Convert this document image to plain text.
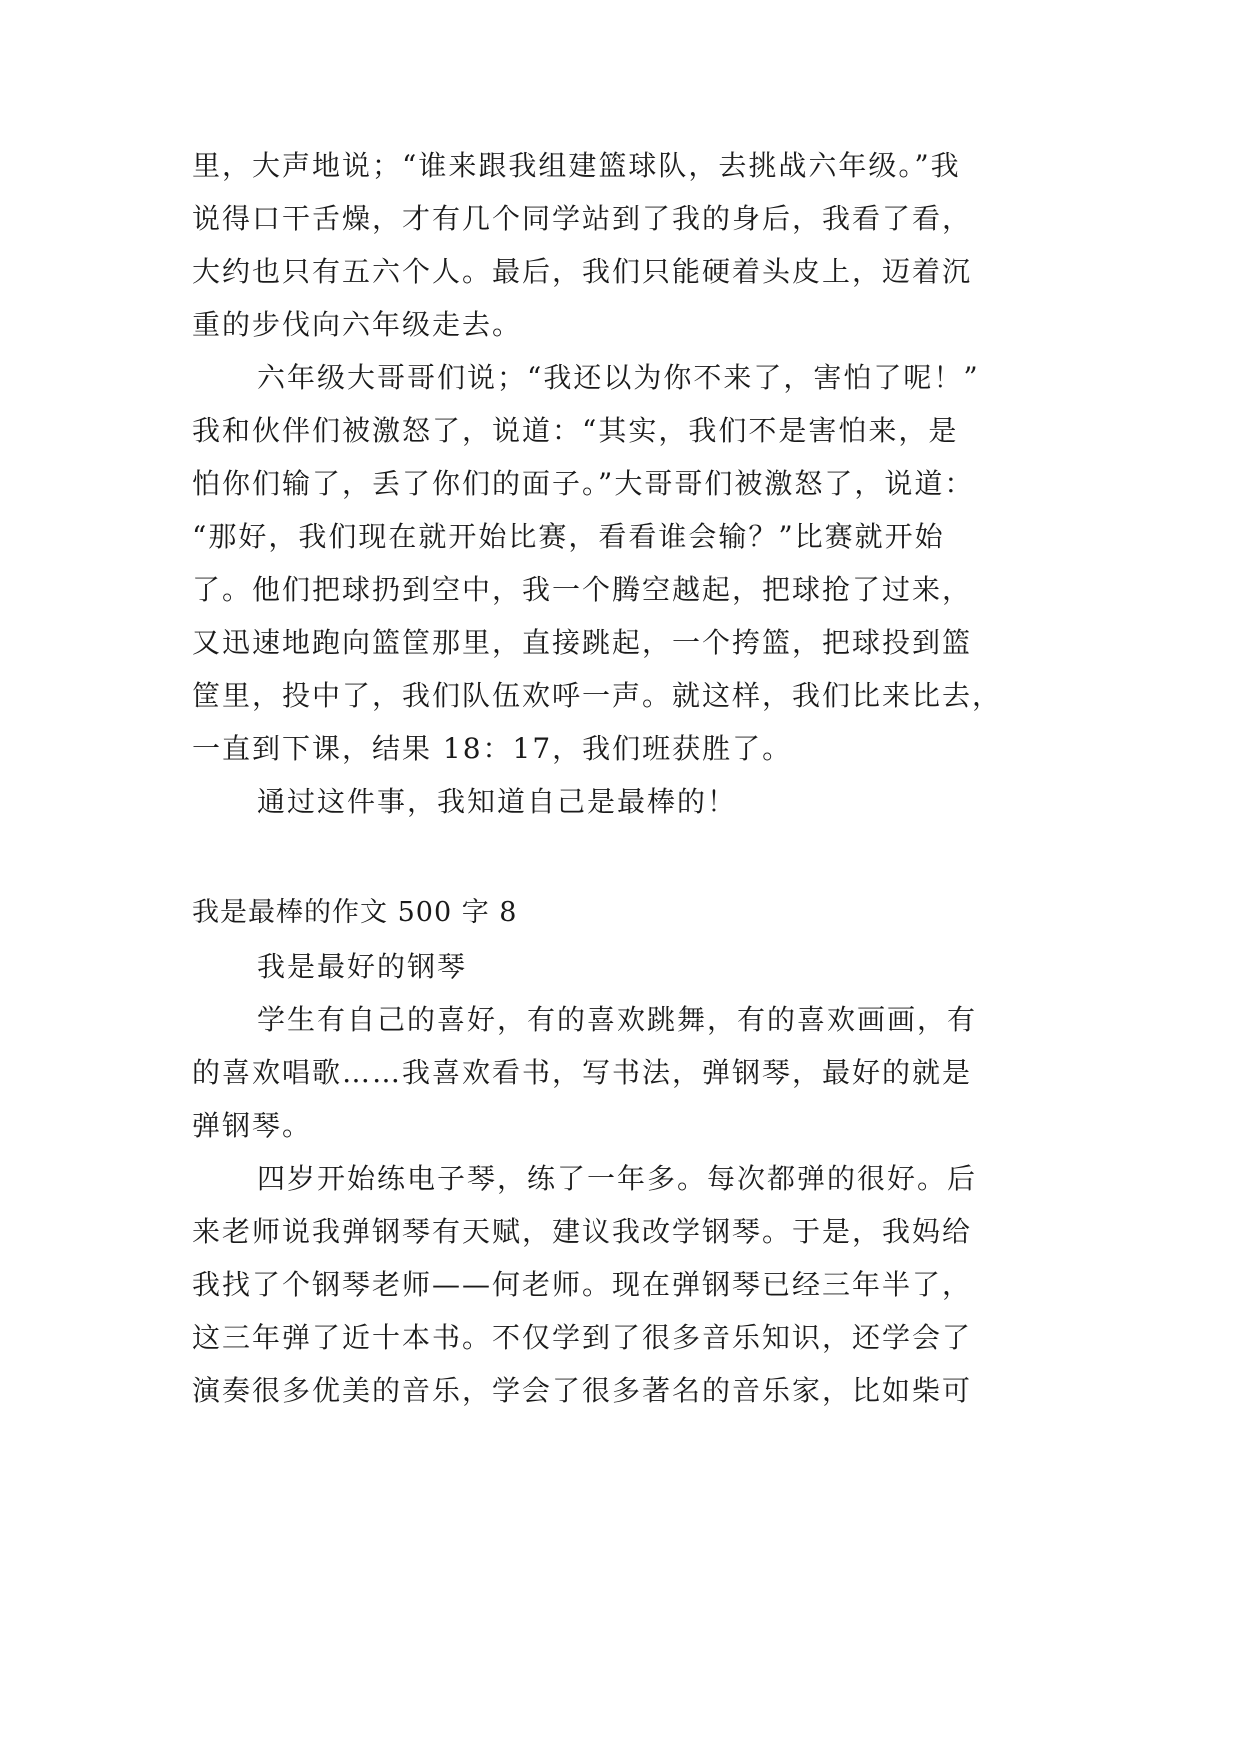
里，大声地说；“谁来跟我组建篮球队，去挑战六年级。”我
说得口干舌燥，才有几个同学站到了我的身后，我看了看，
大约也只有五六个人。最后，我们只能硬着头皮上，迈着沉
重的步伐向六年级走去。
六年级大哥哥们说；“我还以为你不来了，害怕了呢！”
我和伙伴们被激怒了，说道：“其实，我们不是害怕来，是
怕你们输了，丢了你们的面子。”大哥哥们被激怒了，说道：
“那好，我们现在就开始比赛，看看谁会输？”比赛就开始
了。他们把球扔到空中，我一个腾空越起，把球抢了过来，
又迅速地跑向篮筐那里，直接跳起，一个挎篮，把球投到篮
筐里，投中了，我们队伍欢呼一声。就这样，我们比来比去，
一直到下课，结果 18：17，我们班获胜了。
通过这件事，我知道自己是最棒的！
我是最棒的作文 500 字 8
我是最好的钢琴
学生有自己的喜好，有的喜欢跳舞，有的喜欢画画，有
的喜欢唱歌……我喜欢看书，写书法，弹钢琴，最好的就是
弹钢琴。
四岁开始练电子琴，练了一年多。每次都弹的很好。后
来老师说我弹钢琴有天赋，建议我改学钢琴。于是，我妈给
我找了个钢琴老师——何老师。现在弹钢琴已经三年半了，
这三年弹了近十本书。不仅学到了很多音乐知识，还学会了
演奏很多优美的音乐，学会了很多著名的音乐家，比如柴可
